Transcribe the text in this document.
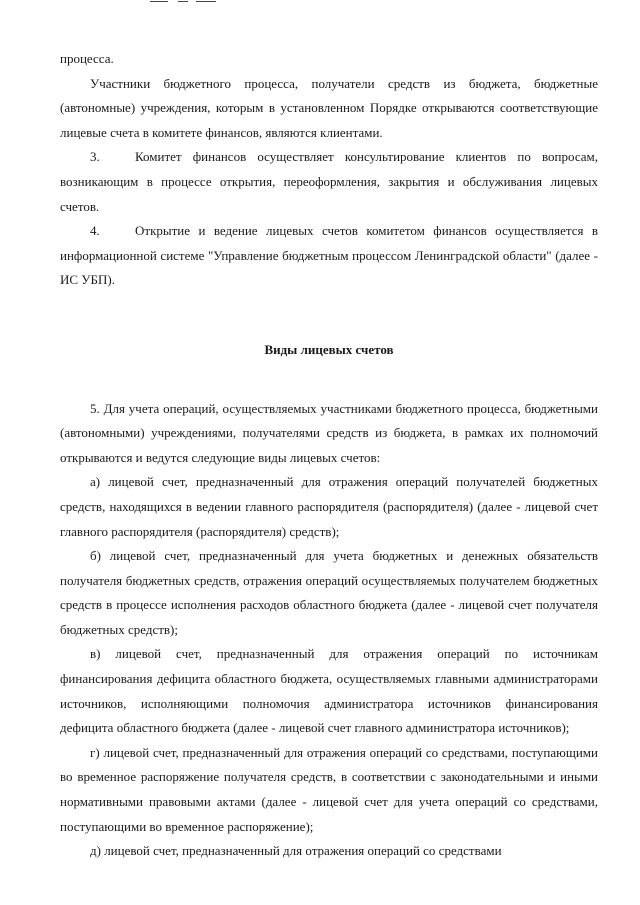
процесса.

Участники бюджетного процесса, получатели средств из бюджета, бюджетные (автономные) учреждения, которым в установленном Порядке открываются соответствующие лицевые счета в комитете финансов, являются клиентами.

3.	Комитет финансов осуществляет консультирование клиентов по вопросам, возникающим в процессе открытия, переоформления, закрытия и обслуживания лицевых счетов.

4.	Открытие и ведение лицевых счетов комитетом финансов осуществляется в информационной системе "Управление бюджетным процессом Ленинградской области" (далее - ИС УБП).

Виды лицевых счетов

5. Для учета операций, осуществляемых участниками бюджетного процесса, бюджетными (автономными) учреждениями, получателями средств из бюджета, в рамках их полномочий открываются и ведутся следующие виды лицевых счетов:

а) лицевой счет, предназначенный для отражения операций получателей бюджетных средств, находящихся в ведении главного распорядителя (распорядителя) (далее - лицевой счет главного распорядителя (распорядителя) средств);

б) лицевой счет, предназначенный для учета бюджетных и денежных обязательств получателя бюджетных средств, отражения операций осуществляемых получателем бюджетных средств в процессе исполнения расходов областного бюджета (далее - лицевой счет получателя бюджетных средств);

в) лицевой счет, предназначенный для отражения операций по источникам финансирования дефицита областного бюджета, осуществляемых главными администраторами источников, исполняющими полномочия администратора источников финансирования дефицита областного бюджета (далее - лицевой счет главного администратора источников);

г) лицевой счет, предназначенный для отражения операций со средствами, поступающими во временное распоряжение получателя средств, в соответствии с законодательными и иными нормативными правовыми актами (далее - лицевой счет для учета операций со средствами, поступающими во временное распоряжение);

д) лицевой счет, предназначенный для отражения операций со средствами
